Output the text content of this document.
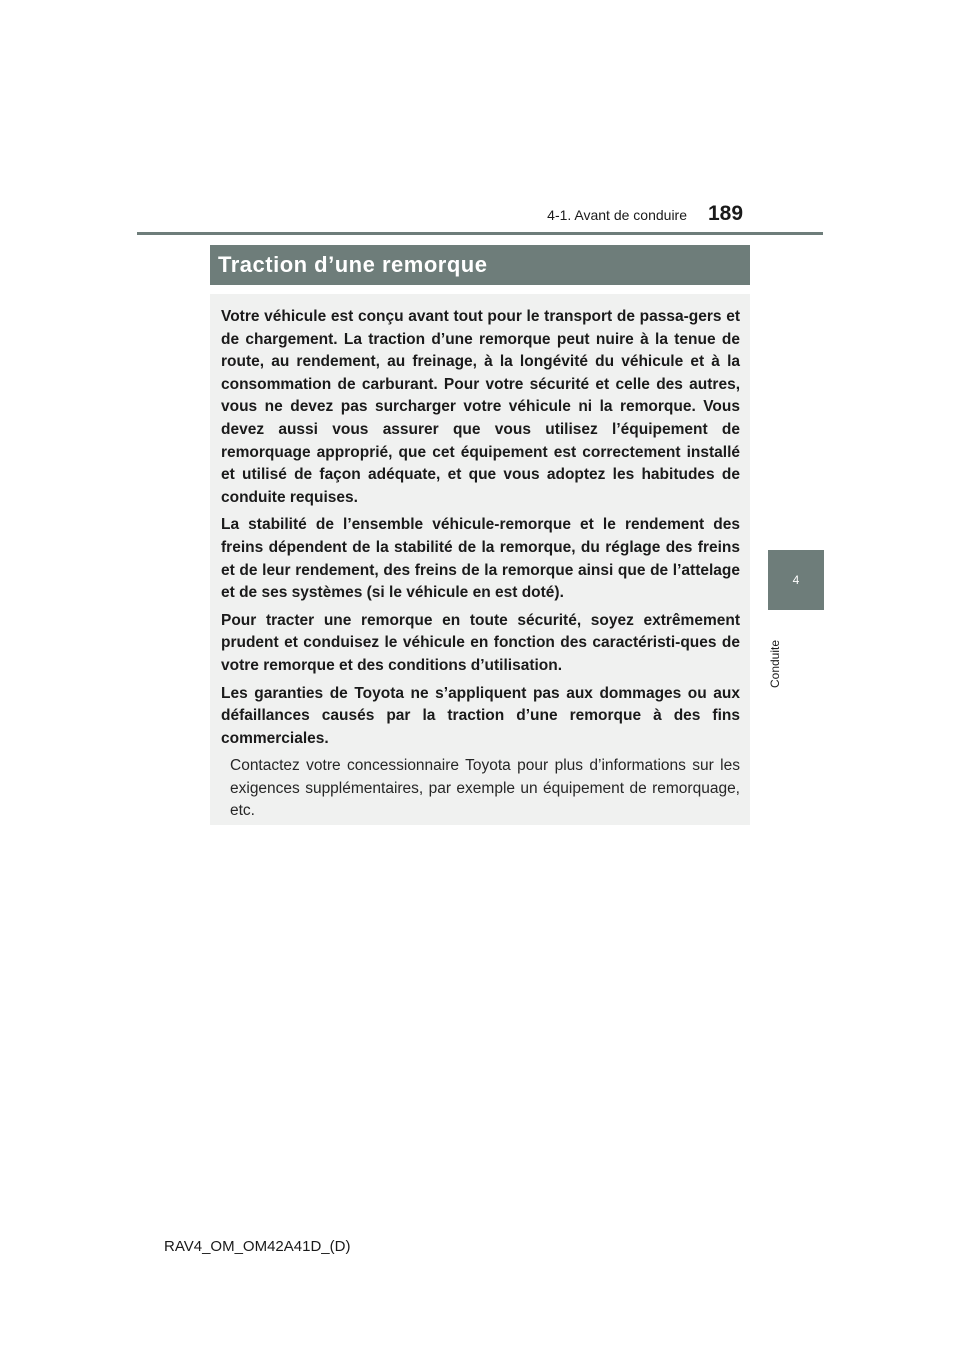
4-1. Avant de conduire 189
4
Conduite
Traction d’une remorque

Votre véhicule est conçu avant tout pour le transport de passa-gers et de chargement. La traction d’une remorque peut nuire à la tenue de route, au rendement, au freinage, à la longévité du véhicule et à la consommation de carburant. Pour votre sécurité et celle des autres, vous ne devez pas surcharger votre véhicule ni la remorque. Vous devez aussi vous assurer que vous utilisez l’équipement de remorquage approprié, que cet équipement est correctement installé et utilisé de façon adéquate, et que vous adoptez les habitudes de conduite requises.

La stabilité de l’ensemble véhicule-remorque et le rendement des freins dépendent de la stabilité de la remorque, du réglage des freins et de leur rendement, des freins de la remorque ainsi que de l’attelage et de ses systèmes (si le véhicule en est doté).

Pour tracter une remorque en toute sécurité, soyez extrêmement prudent et conduisez le véhicule en fonction des caractéristi-ques de votre remorque et des conditions d’utilisation.

Les garanties de Toyota ne s’appliquent pas aux dommages ou aux défaillances causés par la traction d’une remorque à des fins commerciales.

Contactez votre concessionnaire Toyota pour plus d’informations sur les exigences supplémentaires, par exemple un équipement de remorquage, etc.

RAV4_OM_OM42A41D_(D)
